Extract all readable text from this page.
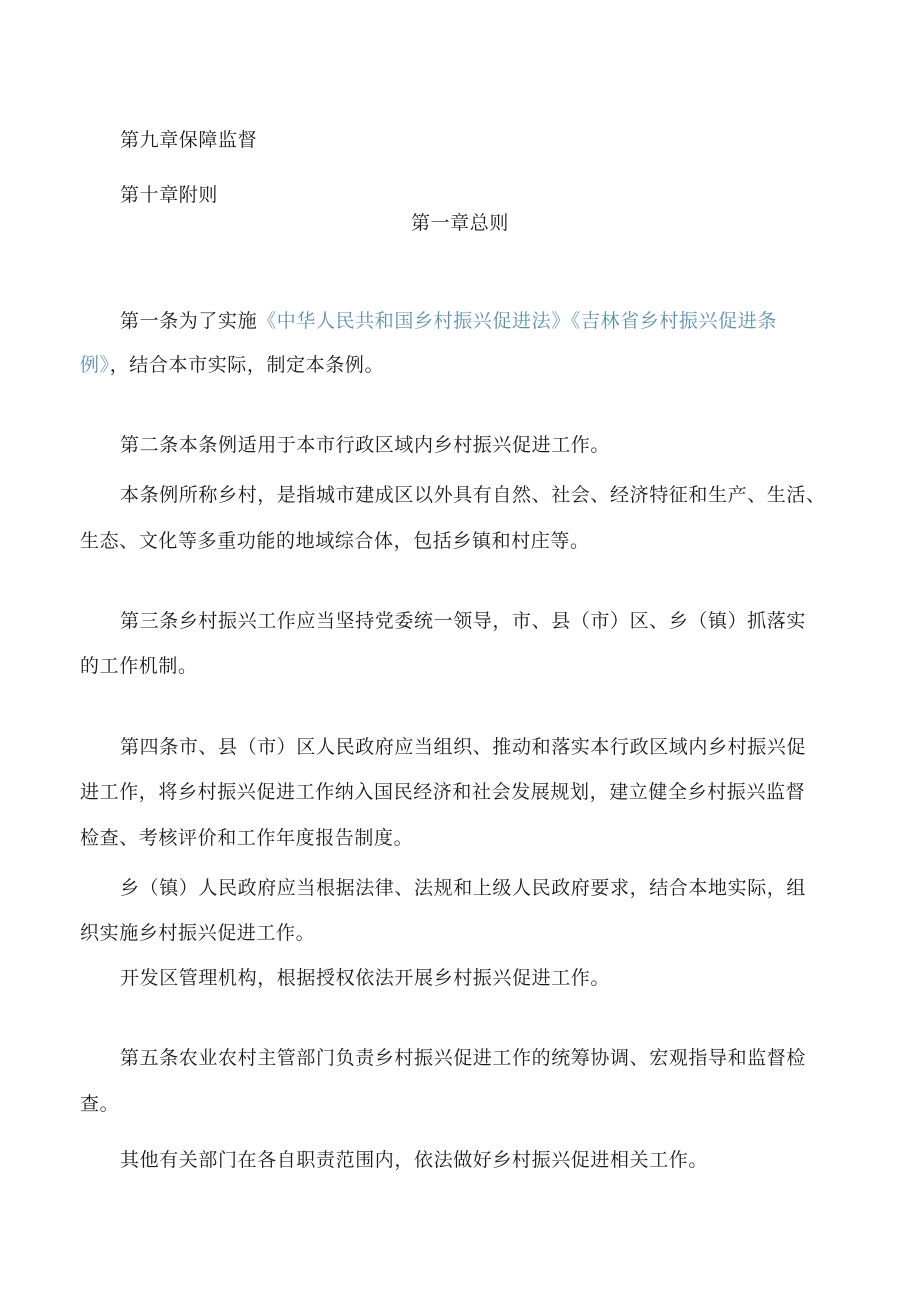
第九章保障监督
第十章附则
第一章总则
第一条为了实施《中华人民共和国乡村振兴促进法》《吉林省乡村振兴促进条
例》，结合本市实际，制定本条例。
第二条本条例适用于本市行政区域内乡村振兴促进工作。
本条例所称乡村，是指城市建成区以外具有自然、社会、经济特征和生产、生活、
生态、文化等多重功能的地域综合体，包括乡镇和村庄等。
第三条乡村振兴工作应当坚持党委统一领导，市、县（市）区、乡（镇）抓落实
的工作机制。
第四条市、县（市）区人民政府应当组织、推动和落实本行政区域内乡村振兴促
进工作，将乡村振兴促进工作纳入国民经济和社会发展规划，建立健全乡村振兴监督
检查、考核评价和工作年度报告制度。
乡（镇）人民政府应当根据法律、法规和上级人民政府要求，结合本地实际，组
织实施乡村振兴促进工作。
开发区管理机构，根据授权依法开展乡村振兴促进工作。
第五条农业农村主管部门负责乡村振兴促进工作的统筹协调、宏观指导和监督检
查。
其他有关部门在各自职责范围内，依法做好乡村振兴促进相关工作。
